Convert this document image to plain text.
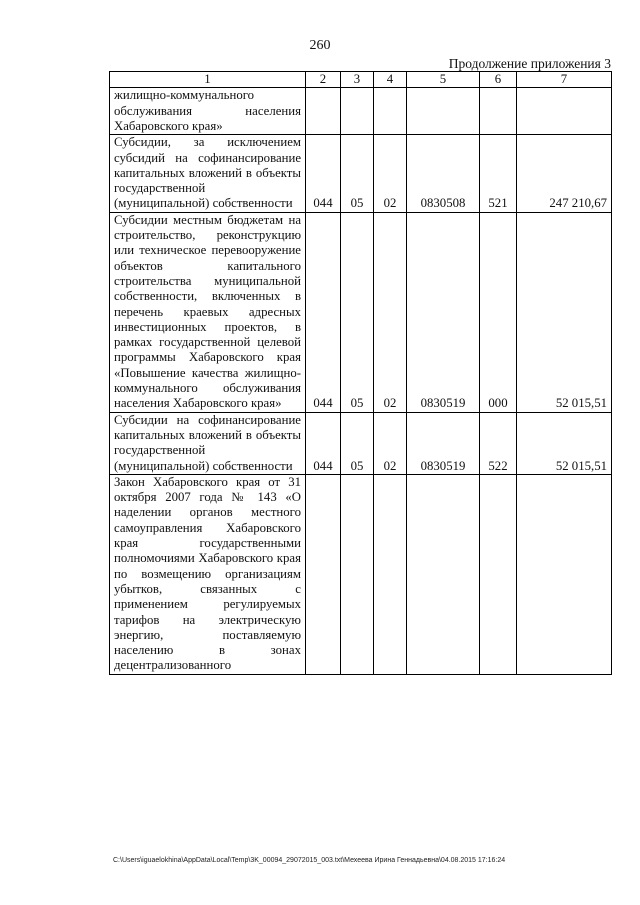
260
Продолжение приложения 3
1	2	3	4	5	6	7
жилищно-коммунального обслуживания населения Хабаровского края»						
Субсидии, за исключением субсидий на софинансирование капитальных вложений в объекты государственной (муниципальной) собственности	044	05	02	0830508	521	247 210,67
Субсидии местным бюджетам на строительство, реконструкцию или техническое перевооружение объектов капитального строительства муниципальной собственности, включенных в перечень краевых адресных инвестиционных проектов, в рамках государственной целевой программы Хабаровского края «Повышение качества жилищно-коммунального обслуживания населения Хабаровского края»	044	05	02	0830519	000	52 015,51
Субсидии на софинансирование капитальных вложений в объекты государственной (муниципальной) собственности	044	05	02	0830519	522	52 015,51
Закон Хабаровского края от 31 октября 2007 года № 143 «О наделении органов местного самоуправления Хабаровского края государственными полномочиями Хабаровского края по возмещению организациям убытков, связанных с применением регулируемых тарифов на электрическую энергию, поставляемую населению в зонах децентрализованного						
C:\Users\iguaelokhina\AppData\Local\Temp\3K_00094_29072015_003.txt\Мехеева Ирина Геннадьевна\04.08.2015 17:16:24
